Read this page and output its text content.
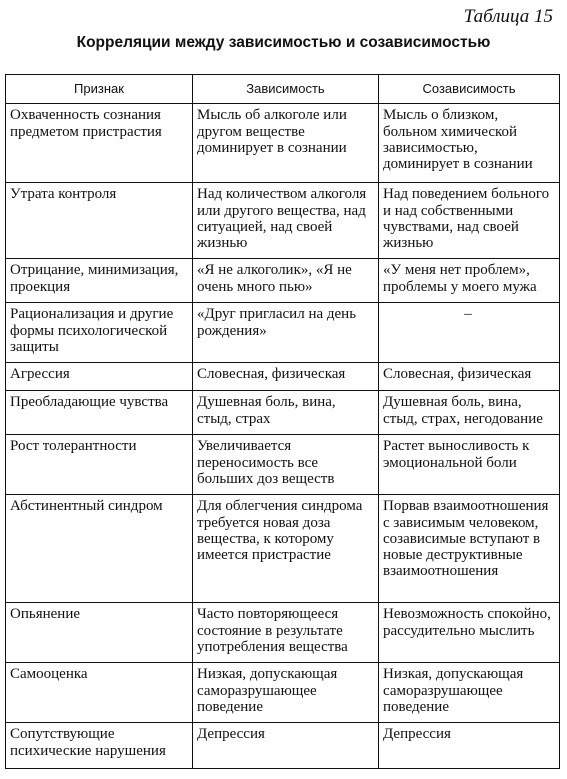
Таблица 15
Корреляции между зависимостью и созависимостью
Признак	Зависимость	Созависимость
Охваченность сознания предметом пристрастия	Мысль об алкоголе или другом веществе доминирует в сознании	Мысль о близком, больном химической зависимостью, доминирует в сознании
Утрата контроля	Над количеством алкоголя или другого вещества, над ситуацией, над своей жизнью	Над поведением больного и над собственными чувствами, над своей жизнью
Отрицание, минимизация, проекция	«Я не алкоголик», «Я не очень много пью»	«У меня нет проблем», проблемы у моего мужа
Рационализация и другие формы психологической защиты	«Друг пригласил на день рождения»	–
Агрессия	Словесная, физическая	Словесная, физическая
Преобладающие чувства	Душевная боль, вина, стыд, страх	Душевная боль, вина, стыд, страх, негодование
Рост толерантности	Увеличивается переносимость все больших доз веществ	Растет выносливость к эмоциональной боли
Абстинентный синдром	Для облегчения синдрома требуется новая доза вещества, к которому имеется пристрастие	Порвав взаимоотношения с зависимым человеком, созависимые вступают в новые деструктивные взаимоотношения
Опьянение	Часто повторяющееся состояние в результате употребления вещества	Невозможность спокойно, рассудительно мыслить
Самооценка	Низкая, допускающая саморазрушающее поведение	Низкая, допускающая саморазрушающее поведение
Сопутствующие психические нарушения	Депрессия	Депрессия
